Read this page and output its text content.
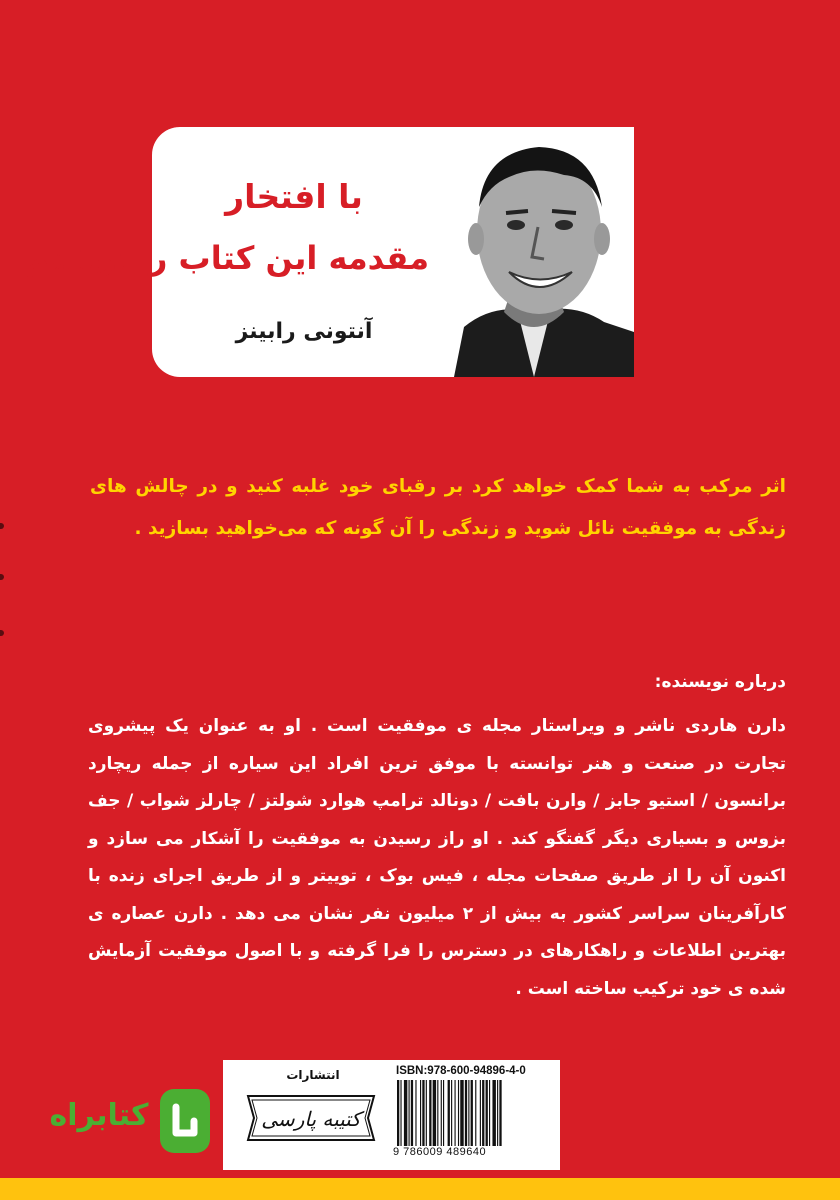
با افتخار
مقدمه این کتاب را نوشتم
آنتونی رابینز

اثر مرکب به شما کمک خواهد کرد بر رقبای خود غلبه کنید و در چالش های زندگی به موفقیت نائل شوید و زندگی را آن گونه که می‌خواهید بسازید .

درباره نویسنده:
دارن هاردی ناشر و ویراستار مجله ی موفقیت است . او به عنوان یک پیشروی تجارت در صنعت و هنر توانسته با موفق ترین افراد این سیاره از جمله ریچارد برانسون / استیو جابز / وارن بافت / دونالد ترامپ هوارد شولتز / چارلز شواب / جف بزوس و بسیاری دیگر گفتگو کند . او راز رسیدن به موفقیت را آشکار می سازد و اکنون آن را از طریق صفحات مجله ، فیس بوک ، توییتر و از طریق اجرای زنده با کارآفرینان سراسر کشور به بیش از ۲ میلیون نفر نشان می دهد . دارن عصاره ی بهترین اطلاعات و راهکارهای در دسترس را فرا گرفته و با اصول موفقیت آزمایش شده ی خود ترکیب ساخته است .
انتشارات
کتیبه پارسی
ISBN:978-600-94896-4-0
9 786009 489640
کتابراه
